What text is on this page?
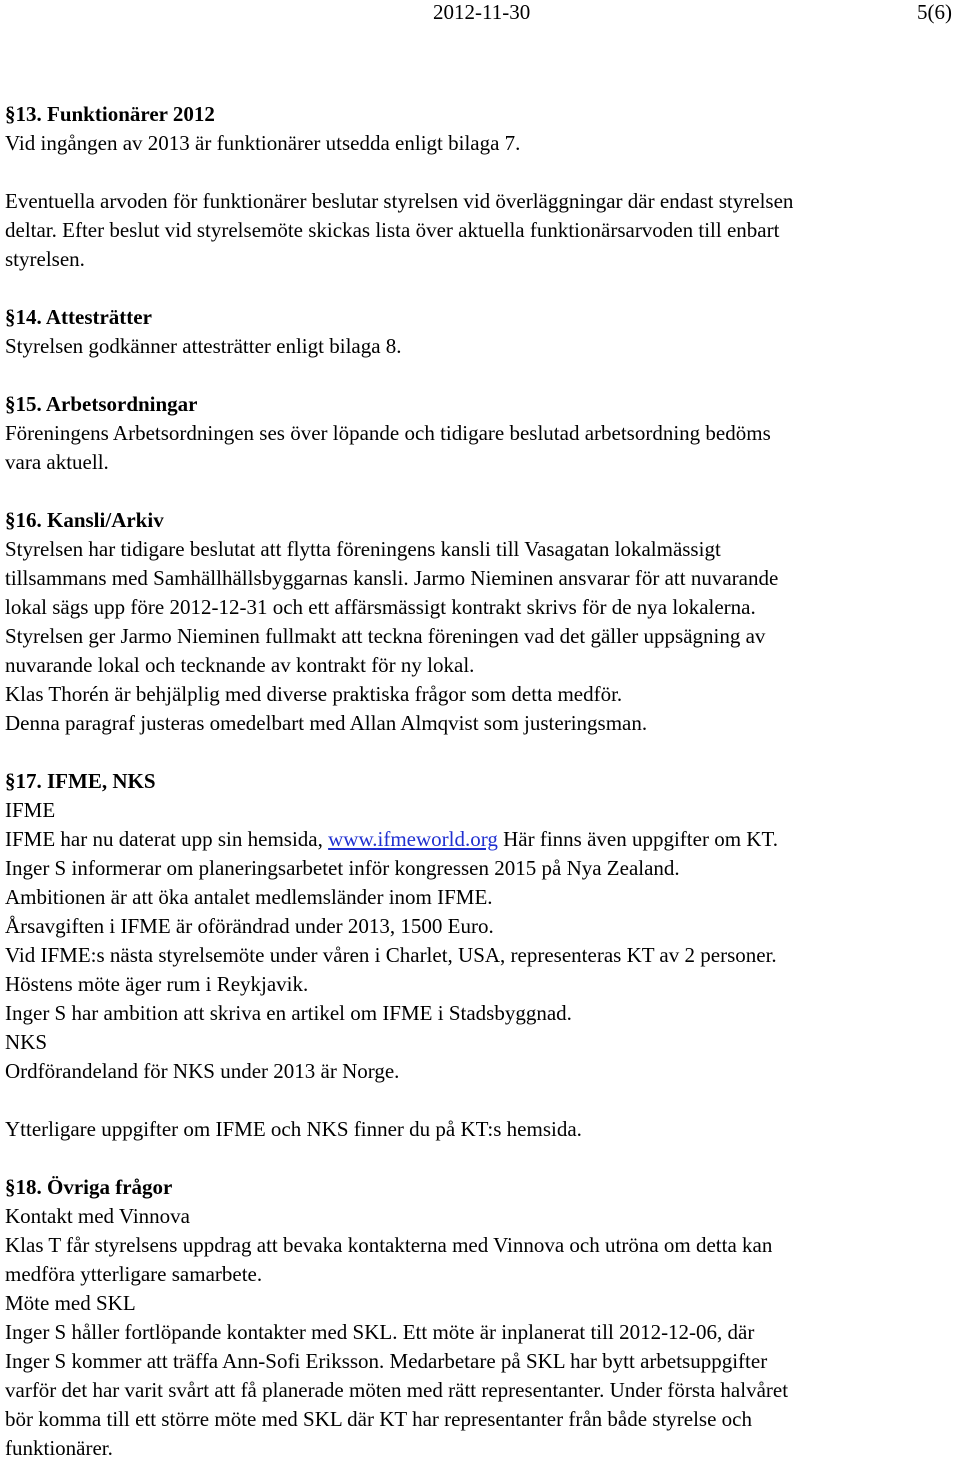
2012-11-30	5(6)

§13. Funktionärer 2012

Vid ingången av 2013 är funktionärer utsedda enligt bilaga 7.

Eventuella arvoden för funktionärer beslutar styrelsen vid överläggningar där endast styrelsen

deltar. Efter beslut vid styrelsemöte skickas lista över aktuella funktionärsarvoden till enbart

styrelsen.

§14. Attesträtter

Styrelsen godkänner attesträtter enligt bilaga 8.

§15. Arbetsordningar

Föreningens Arbetsordningen ses över löpande och tidigare beslutad arbetsordning bedöms

vara aktuell.

§16. Kansli/Arkiv

Styrelsen har tidigare beslutat att flytta föreningens kansli till Vasagatan lokalmässigt

tillsammans med Samhällhällsbyggarnas kansli. Jarmo Nieminen ansvarar för att nuvarande

lokal sägs upp före 2012-12-31 och ett affärsmässigt kontrakt skrivs för de nya lokalerna.

Styrelsen ger Jarmo Nieminen fullmakt att teckna föreningen vad det gäller uppsägning av

nuvarande lokal och tecknande av kontrakt för ny lokal.

Klas Thorén är behjälplig med diverse praktiska frågor som detta medför.

Denna paragraf justeras omedelbart med Allan Almqvist som justeringsman.

§17. IFME, NKS

IFME

IFME har nu daterat upp sin hemsida, www.ifmeworld.org Här finns även uppgifter om KT.

Inger S informerar om planeringsarbetet inför kongressen 2015 på Nya Zealand.

Ambitionen är att öka antalet medlemsländer inom IFME.

Årsavgiften i IFME är oförändrad under 2013, 1500 Euro.

Vid IFME:s nästa styrelsemöte under våren i Charlet, USA, representeras KT av 2 personer.

Höstens möte äger rum i Reykjavik.

Inger S har ambition att skriva en artikel om IFME i Stadsbyggnad.

NKS

Ordförandeland för NKS under 2013 är Norge.

Ytterligare uppgifter om IFME och NKS finner du på KT:s hemsida.

§18. Övriga frågor

Kontakt med Vinnova

Klas T får styrelsens uppdrag att bevaka kontakterna med Vinnova och utröna om detta kan

medföra ytterligare samarbete.

Möte med SKL

Inger S håller fortlöpande kontakter med SKL. Ett möte är inplanerat till 2012-12-06, där

Inger S kommer att träffa Ann-Sofi Eriksson. Medarbetare på SKL har bytt arbetsuppgifter

varför det har varit svårt att få planerade möten med rätt representanter. Under första halvåret

bör komma till ett större möte med SKL där KT har representanter från både styrelse och

funktionärer.
